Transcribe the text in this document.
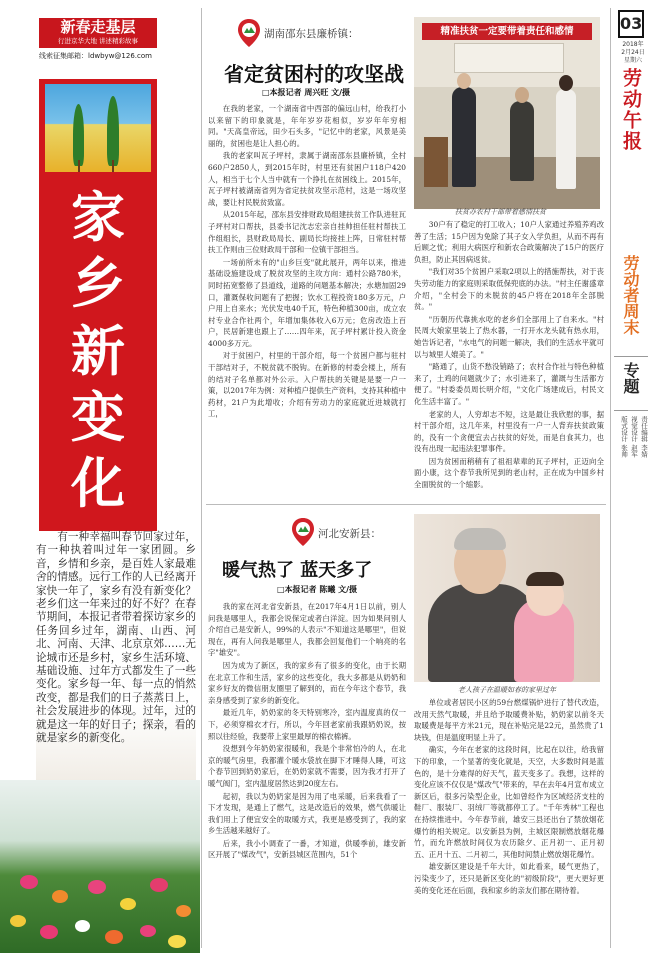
新春走基层
行进京华大地 讲述精彩故事
线索征集邮箱：ldwbyw@126.com
家
乡
新
变
化
有一种幸福叫春节回家过年，有一种执着叫过年一家团圆。乡音，乡情和乡亲，是百姓人家最难舍的情感。远行工作的人已经离开家快一年了，家乡有没有新变化？老乡们这一年来过的好不好？在春节期间，本报记者带着探访家乡的任务回乡过年，湖南、山西、河北、河南、天津、北京京郊……无论城市还是乡村，家乡生活环境、基础设施、过年方式都发生了一些变化。家乡每一年、每一点的悄然改变，都是我们的日子蒸蒸日上，社会发展进步的体现。过年，过的就是这一年的好日子；探亲，看的就是家乡的新变化。
湖南邵东县廉桥镇：
省定贫困村的攻坚战
□本报记者 周兴旺 文/摄

在我的老家，一个湖南省中西部的偏远山村，给我打小以来留下的印象就是，年年岁岁花相似，岁岁年年穷相同。"天高皇帝远，田少石头多，"记忆中的老家，风景是美丽的，贫困也是让人担心的。

我的老家叫瓦子坪村，隶属于湖南邵东县廉桥镇，全村660户2850人，到2015年时，村里还有贫困户118户420人，相当于七个人当中就有一个挣扎在贫困线上。2015年，瓦子坪村被湖南省列为省定扶贫攻坚示范村，这是一场攻坚战，要让村民脱贫致富。

从2015年起，邵东县安排财政局组建扶贫工作队进驻瓦子坪村对口帮扶，县委书记沈志宏亲自挂帅担任驻村帮扶工作组组长，县财政局局长、副局长均接挂上阵，日常驻村帮扶工作则由三位财政局干部和一位镇干部担当。

一场前所未有的"山乡巨变"就此展开，两年以来，推进基础设施建设成了脱贫攻坚的主攻方向：通村公路780米，同时拓宽整修了县道线，道路的问题基本解决；水塘加固29口，灌溉保收问题有了把握；饮水工程投资180多万元，户户用上自来水；光伏发电40千瓦，特色种植300亩，成立农村专业合作社两个，年增加集体收入6万元；危房改造上百户，民居新建也跟上了……四年来，瓦子坪村累计投入资金4000多万元。

对于贫困户，村里的干部介绍，每一个贫困户都与驻村干部结对子，不脱贫就不脱钩。在新修的村委会楼上，所有的结对子名单都对外公示。入户帮扶的关键是是要一户一策，以2017年为例：对种植户提供生产资料，支持其种植中药材，21户为此增收；介绍有劳动力的家庭就近进城就打工，

精准扶贫一定要带着责任和感情
扶贫办农村干部带着感情扶贫

30户有了稳定的打工收入；10户人家通过养殖养鸡改善了生活；15户因为免除了其子女入学负担，从而不再有后顾之忧；利用大病医疗和新农合政策解决了15户的医疗负担，防止其因病返贫。

"我们对35个贫困户采取2项以上的措施帮扶，对于丧失劳动能力的家庭则采取低保兜底的办法。"村主任谢盛章介绍，"全村会下的未脱贫的45户将在2018年全部脱贫。"

"历朝历代靠挑水吃的老乡们全部用上了自来水。"村民周大娘家里装上了热水器，一打开水龙头就有热水用，她告诉记者，"水电气的问题一解决，我们的生活水平就可以与城里人媲美了。"

"路通了，山货不愁没销路了；农村合作社与特色种植来了，土鸡的问题就少了；水引进来了，灌溉与生活都方便了。"村委委员周长明介绍，"文化广场建成后，村民文化生活丰富了。"

老家的人，人穷却志不短，这是最让我欣慰的事，据村干部介绍，这几年来，村里没有一户一人背弃扶贫政策的，没有一个贪便宜去占扶贫的好处，而是自食其力，也没有出现一起违法犯罪事件。

因为贫困而稍稍有了祖祖辈辈的瓦子坪村，正迈向全面小康，这个春节我所见到的老山村，正在成为中国乡村全面脱贫的一个缩影。

河北安新县：
暖气热了 蓝天多了
□本报记者 陈曦 文/摄

我的家在河北省安新县，在2017年4月1日以前，别人问我是哪里人，我都会说保定或者白洋淀。因为如果问别人介绍自己是安新人，99%的人表示"不知道这是哪里"，但说现在，再有人问我是哪里人，我都会回复他们一个响亮的名字"雄安"。

因为成为了新区，我的家乡有了很多的变化，由于长期在北京工作和生活，家乡的这些变化，我大多都是从奶奶和家乡好友的微信朋友圈里了解到的，而在今年这个春节，我亲身感受到了家乡的新变化。

最近几年，奶奶家的冬天特别寒冷，室内温度真的仅一下，必须穿棉衣才行，所以，今年回老家前我跟奶奶说，按照以往经验，我要带上家里最厚的棉衣棉裤。

没想到今年奶奶家很暖和，我是个非常怕冷的人，在北京的暖气房里，我都灌个暖水袋放在脚下才睡得人睡，可这个春节回到奶奶家后，在奶奶家就不需要，因为我才打开了暖气阀门，室内温度居然达到20度左右。

起初，我以为奶奶家是因为用了电采暖，后来我看了一下才发现，是通上了燃气，这是改造后的效果，燃气供暖让我们用上了便宜安全的取暖方式，我更是感受到了，我的家乡生活越来越好了。

后来，我小小调查了一番，才知道，供暖季前，雄安新区开展了"煤改气"，安新县城区范围内，51个

老人孩子在温暖如春的家里过年

单位或者居民小区的59台燃煤锅炉进行了替代改造，改用天然气取暖，并且给予取暖费补贴，奶奶家以前冬天取暖费是每平方米21元，现在补贴完是22元，虽然贵了1块钱，但是温度明显上升了。

确实，今年在老家的这段时间，比起在以往，给我留下的印象，一个显著的变化就是，天空，大多数时间是蓝色的，是十分难得的好天气，蓝天变多了。我想，这样的变化应该不仅仅是"煤改气"带来的，早在去年4月宣布成立新区后，很多污染型企业，比如曾经作为区域经济支柱的鞋厂、服装厂、羽绒厂等就都停工了。"千年秀林"工程也在持续推进中。今年春节前，雄安三县还出台了禁放烟花爆竹的相关规定。以安新县为例，主城区限制燃放烟花爆竹，而允许燃放时间仅为农历除夕、正月初一、正月初五、正月十五、二月初二，其他时间禁止燃放烟花爆竹。

雄安新区建设是千年大计，如此看来，暖气更热了，污染变少了，还只是新区变化的"初级阶段"，更大更好更美的变化还在后面，我和家乡的亲友们都在期待着。

03
2018年
2月24日
星期六
劳动午报
劳动者周末
专题
责任编辑 李婧
视觉设计 赵军
版式设计 张帅
